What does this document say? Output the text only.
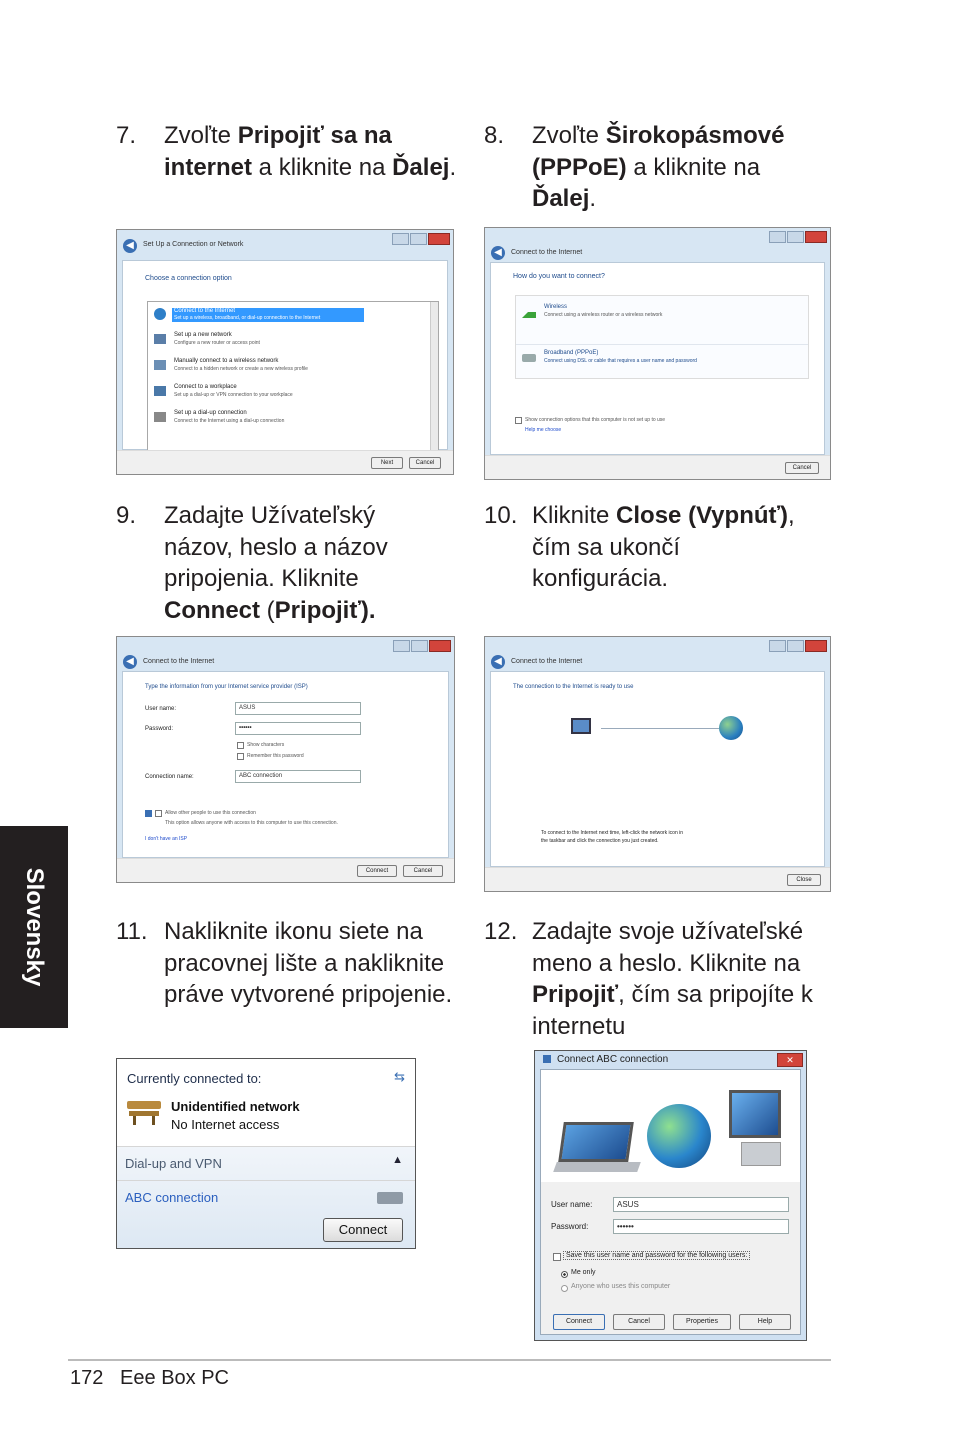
7. Zvoľte Pripojiť sa na internet a kliknite na Ďalej.
8. Zvoľte Širokopásmové (PPPoE) a kliknite na Ďalej.
◀	Set Up a Connection or Network
Choose a connection option
Connect to the Internet
Set up a wireless, broadband, or dial-up connection to the Internet
Set up a new network
Configure a new router or access point
Manually connect to a wireless network
Connect to a hidden network or create a new wireless profile
Connect to a workplace
Set up a dial-up or VPN connection to your workplace
Set up a dial-up connection
Connect to the Internet using a dial-up connection
Next	Cancel
◀	Connect to the Internet
How do you want to connect?
Wireless
Connect using a wireless router or a wireless network
Broadband (PPPoE)
Connect using DSL or cable that requires a user name and password
Show connection options that this computer is not set up to use
Help me choose
Cancel
9. Zadajte Užívateľský názov, heslo a názov pripojenia. Kliknite Connect (Pripojiť).
10. Kliknite Close (Vypnúť), čím sa ukončí konfigurácia.
◀	Connect to the Internet
Type the information from your Internet service provider (ISP)
User name:	ASUS
Password:	••••••
Show characters
Remember this password
Connection name:	ABC connection
Allow other people to use this connection
This option allows anyone with access to this computer to use this connection.
I don't have an ISP
Connect	Cancel
◀	Connect to the Internet
The connection to the Internet is ready to use
To connect to the Internet next time, left-click the network icon in
the taskbar and click the connection you just created.
Close
11. Nakliknite ikonu siete na pracovnej lište a nakliknite práve vytvorené pripojenie.
12. Zadajte svoje užívateľské meno a heslo. Kliknite na Pripojiť, čím sa pripojíte k internetu
Currently connected to:	⇆
Unidentified network
No Internet access
Dial-up and VPN	▲
ABC connection
Connect
Connect ABC connection	✕
User name:	ASUS
Password:	••••••
Save this user name and password for the following users:
Me only
Anyone who uses this computer
Connect	Cancel	Properties	Help
Slovensky
172 Eee Box PC
